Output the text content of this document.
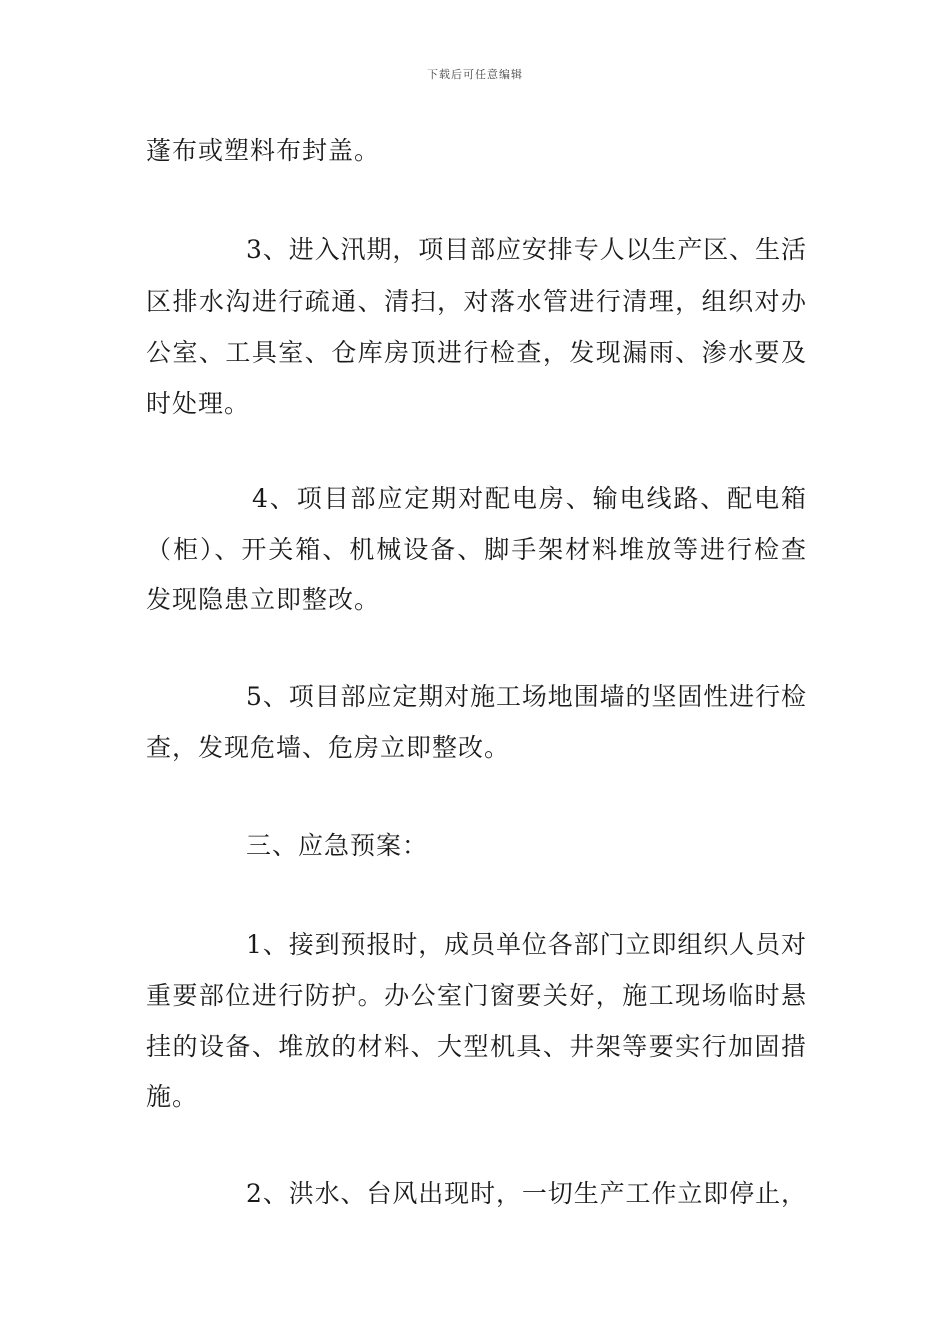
下载后可任意编辑
蓬布或塑料布封盖。
3、进入汛期，项目部应安排专人以生产区、生活
区排水沟进行疏通、清扫，对落水管进行清理，组织对办
公室、工具室、仓库房顶进行检查，发现漏雨、渗水要及
时处理。
4、项目部应定期对配电房、输电线路、配电箱
（柜）、开关箱、机械设备、脚手架材料堆放等进行检查
发现隐患立即整改。
5、项目部应定期对施工场地围墙的坚固性进行检
查，发现危墙、危房立即整改。
三、应急预案：
1、接到预报时，成员单位各部门立即组织人员对
重要部位进行防护。办公室门窗要关好，施工现场临时悬
挂的设备、堆放的材料、大型机具、井架等要实行加固措
施。
2、洪水、台风出现时，一切生产工作立即停止，
